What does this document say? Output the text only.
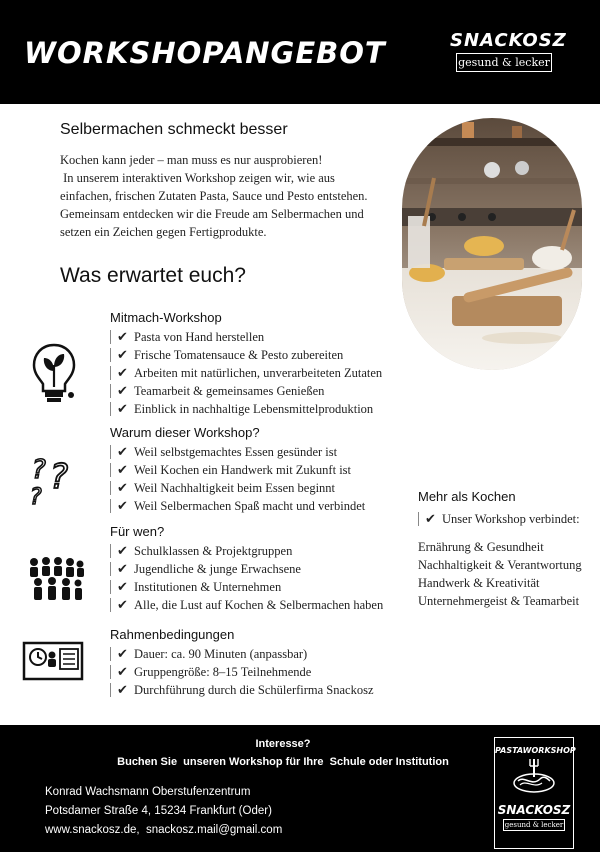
WORKSHOPANGEBOT	SNACKOSZ
gesund & lecker
Selbermachen schmeckt besser
Kochen kann jeder – man muss es nur ausprobieren!
In unserem interaktiven Workshop zeigen wir, wie aus
einfachen, frischen Zutaten Pasta, Sauce und Pesto entstehen.
Gemeinsam entdecken wir die Freude am Selbermachen und
setzen ein Zeichen gegen Fertigprodukte.
Was erwartet euch?
? ?
?
Mitmach-Workshop
✔ Pasta von Hand herstellen
✔ Frische Tomatensauce & Pesto zubereiten
✔ Arbeiten mit natürlichen, unverarbeiteten Zutaten
✔ Teamarbeit & gemeinsames Genießen
✔ Einblick in nachhaltige Lebensmittelproduktion
Warum dieser Workshop?
✔ Weil selbstgemachtes Essen gesünder ist
✔ Weil Kochen ein Handwerk mit Zukunft ist
✔ Weil Nachhaltigkeit beim Essen beginnt
✔ Weil Selbermachen Spaß macht und verbindet
Für wen?
✔ Schulklassen & Projektgruppen
✔ Jugendliche & junge Erwachsene
✔ Institutionen & Unternehmen
✔ Alle, die Lust auf Kochen & Selbermachen haben
Rahmenbedingungen
✔ Dauer: ca. 90 Minuten (anpassbar)
✔ Gruppengröße: 8–15 Teilnehmende
✔ Durchführung durch die Schülerfirma Snackosz
Mehr als Kochen
✔ Unser Workshop verbindet:
Ernährung & Gesundheit
Nachhaltigkeit & Verantwortung
Handwerk & Kreativität
Unternehmergeist & Teamarbeit
Interesse?
Buchen Sie  unseren Workshop für Ihre  Schule oder Institution
Konrad Wachsmann Oberstufenzentrum
Potsdamer Straße 4, 15234 Frankfurt (Oder)
www.snackosz.de,  snackosz.mail@gmail.com
PASTAWORKSHOP
SNACKOSZ
gesund & lecker
